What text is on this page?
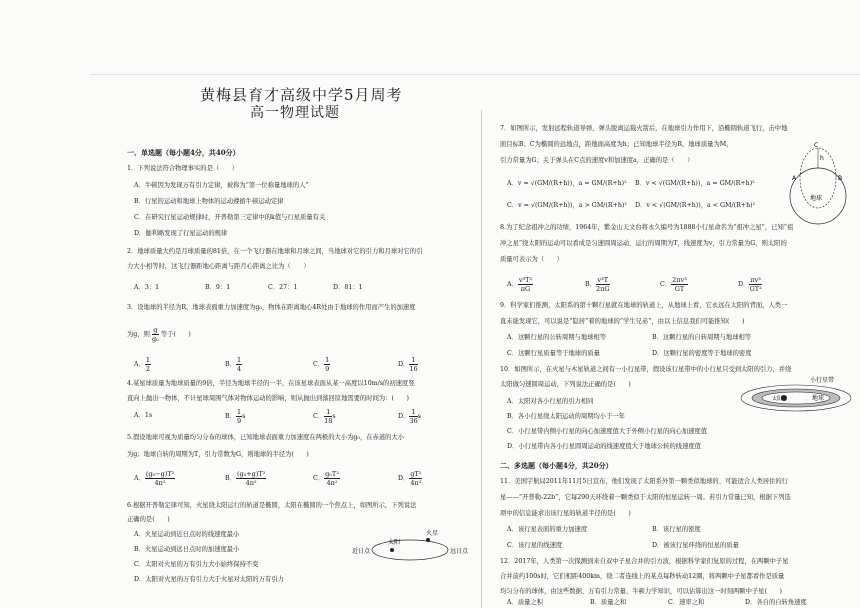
黄梅县育才高级中学5月周考
高一物理试题
一、单选题（每小题4分，共40分）
1．下列说法符合物理事实的是（　　）
A．牛顿因为发现万有引力定律，被称为“第一位称量地球的人”
B．行星的运动和地球上物体的运动遵循牛顿运动定律
C．在研究行星运动规律时，开普勒第三定律中的k值与行星质量有关
D．伽利略发现了行星运动的规律
2．地球质量大约是月球质量的81倍，在一个飞行器在地球和月球之间，当地球对它的引力和月球对它的引
力大小相等时，这飞行器距地心距离与距月心距离之比为（　　）
A．3：1	B．9：1	C．27：1	D．81：1
3．设地球的半径为R，地球表面重力加速度为g₀，物体在距离地心4R处由于地球的作用而产生的加速度
为g，则 $\frac{g}{\text{g₀}}$ 等于(　　)
A． $\frac{1}{2}$	B． $\frac{1}{4}$	C． $\frac{1}{9}$	D． $\frac{1}{16}$
4.某星球质量为地球质量的9倍，半径为地球半径的一半，在该星球表面从某一高度以10m/s的初速度竖
直向上抛出一物体，不计星球周围气体对物体运动的影响，则从抛出到落回原地需要的时间为：(　　)
A．1s	B． $\frac{1}{9}$ s	C． $\frac{1}{18}$ s	D． $\frac{1}{36}$ s
5.假设地球可视为质量均匀分布的球体，已知地球表面重力加速度在两极的大小为g₀，在赤道的大小
为g；地球自转的周期为T，引力常数为G，则地球的半径为(　　)
A． $\frac{\text{(g₀−g)T²}}{\text{4π²}}$	B． $\frac{\text{(g₀+g)T²}}{\text{4π²}}$	C． $\frac{\text{g₀T²}}{\text{4π²}}$	D． $\frac{\text{gT²}}{\text{4π²}}$
6.根据开普勒定律可知，火星绕太阳运行的轨道是椭圆，太阳在椭圆的一个焦点上，如图所示，下列说法
正确的是(　　)
A．火星运动到近日点时的线速度最小
B．火星运动到远日点时的加速度最小
C．太阳对火星的万有引力大小始终保持不变
D．太阳对火星的万有引力大于火星对太阳的万有引力
太阳
火星
近日点	远日点
7．如图所示，发射远程轨道导弹，弹头脱离运载火箭后，在地球引力作用下，沿椭圆轨道飞行，击中地
面目标B；C为椭圆的远地点，距地面高度为h；已知地球半径为R，地球质量为M，
引力常量为G；关于弹头在C点的速度v和加速度a，正确的是（　　）
A．v = √(GM/(R+h))，a = GM/(R+h)² B．v < √(GM/(R+h))，a = GM/(R+h)²
C．v = √(GM/(R+h))，a > GM/(R+h)² D．v < √(GM/(R+h))，a < GM/(R+h)²
C
h
地球
A	B
8.为了纪念祖冲之的功绩，1964年，紫金山天文台将永久编号为1888小行星命名为“祖冲之星”，已知“祖
冲之星”绕太阳的运动可以看成是匀速圆周运动，运行的周期为T，线速度为v，引力常量为G，则太阳的
质量可表示为（　　）
A． $\frac{\text{v³T²}}{\pi G}$	B． $\frac{\text{v³T}}{2\pi G}$	C． $\frac{\text{2πv³}}{GT}$	D． $\frac{\text{πv³}}{\text{GT²}}$
9．科学家们推测，太阳系的第十颗行星就在地球的轨道上，从地球上看，它永远在太阳的背面，人类一
直未能发现它，可以说是“隐居”着的地球的“学生兄弟”，由以上信息我们可能推知(　　)
A．这颗行星的公转周期与地球相等	B．这颗行星的自转周期与地球相等
C．这颗行星质量等于地球的质量	D．这颗行星的密度等于地球的密度
10．如图所示，在火星与木星轨道之间有一小行星带，假设该行星带中的小行星只受到太阳的引力，并绕
太阳做匀速圆周运动，下列说法正确的是(　　)
A．太阳对各小行星的引力相同
B．各小行星绕太阳运动的周期均小于一年
C．小行星带内侧小行星的向心加速度值大于外侧小行星的向心加速度值
D．小行星带内各小行星圆周运动的线速度值大于地球公转的线速度值
小行星带
太阳	地球
二、多选题（每小题4分，共20分）
11．美国宇航局2011年11月5日宣布，他们发现了太阳系外第一颗类似地球的、可能适合人类居住的行
星——“开普勒-22b”，它每290天环绕着一颗类似于太阳的恒星运转一周。若引力常量已知，根据下列选
项中的信息能求出该行星的轨道半径的是(　　)
A．该行星表面的重力加速度	B．该行星的密度
C．该行星的线速度	D．被该行星环绕的恒星的质量
12．2017年，人类第一次探测到来自双中子星合并的引力波，根据科学家们复原的过程，在两颗中子星
合并前约100s时，它们相距400km，绕二者连线上的某点每秒转动12圈，将两颗中子星都看作是质量
均匀分布的球体，由这些数据、万有引力常量、牛顿力学知识，可以估算出这一时刻两颗中子星(　　)
A．质量之积	B．质量之和	C．速率之和	D．各自的自转角速度
